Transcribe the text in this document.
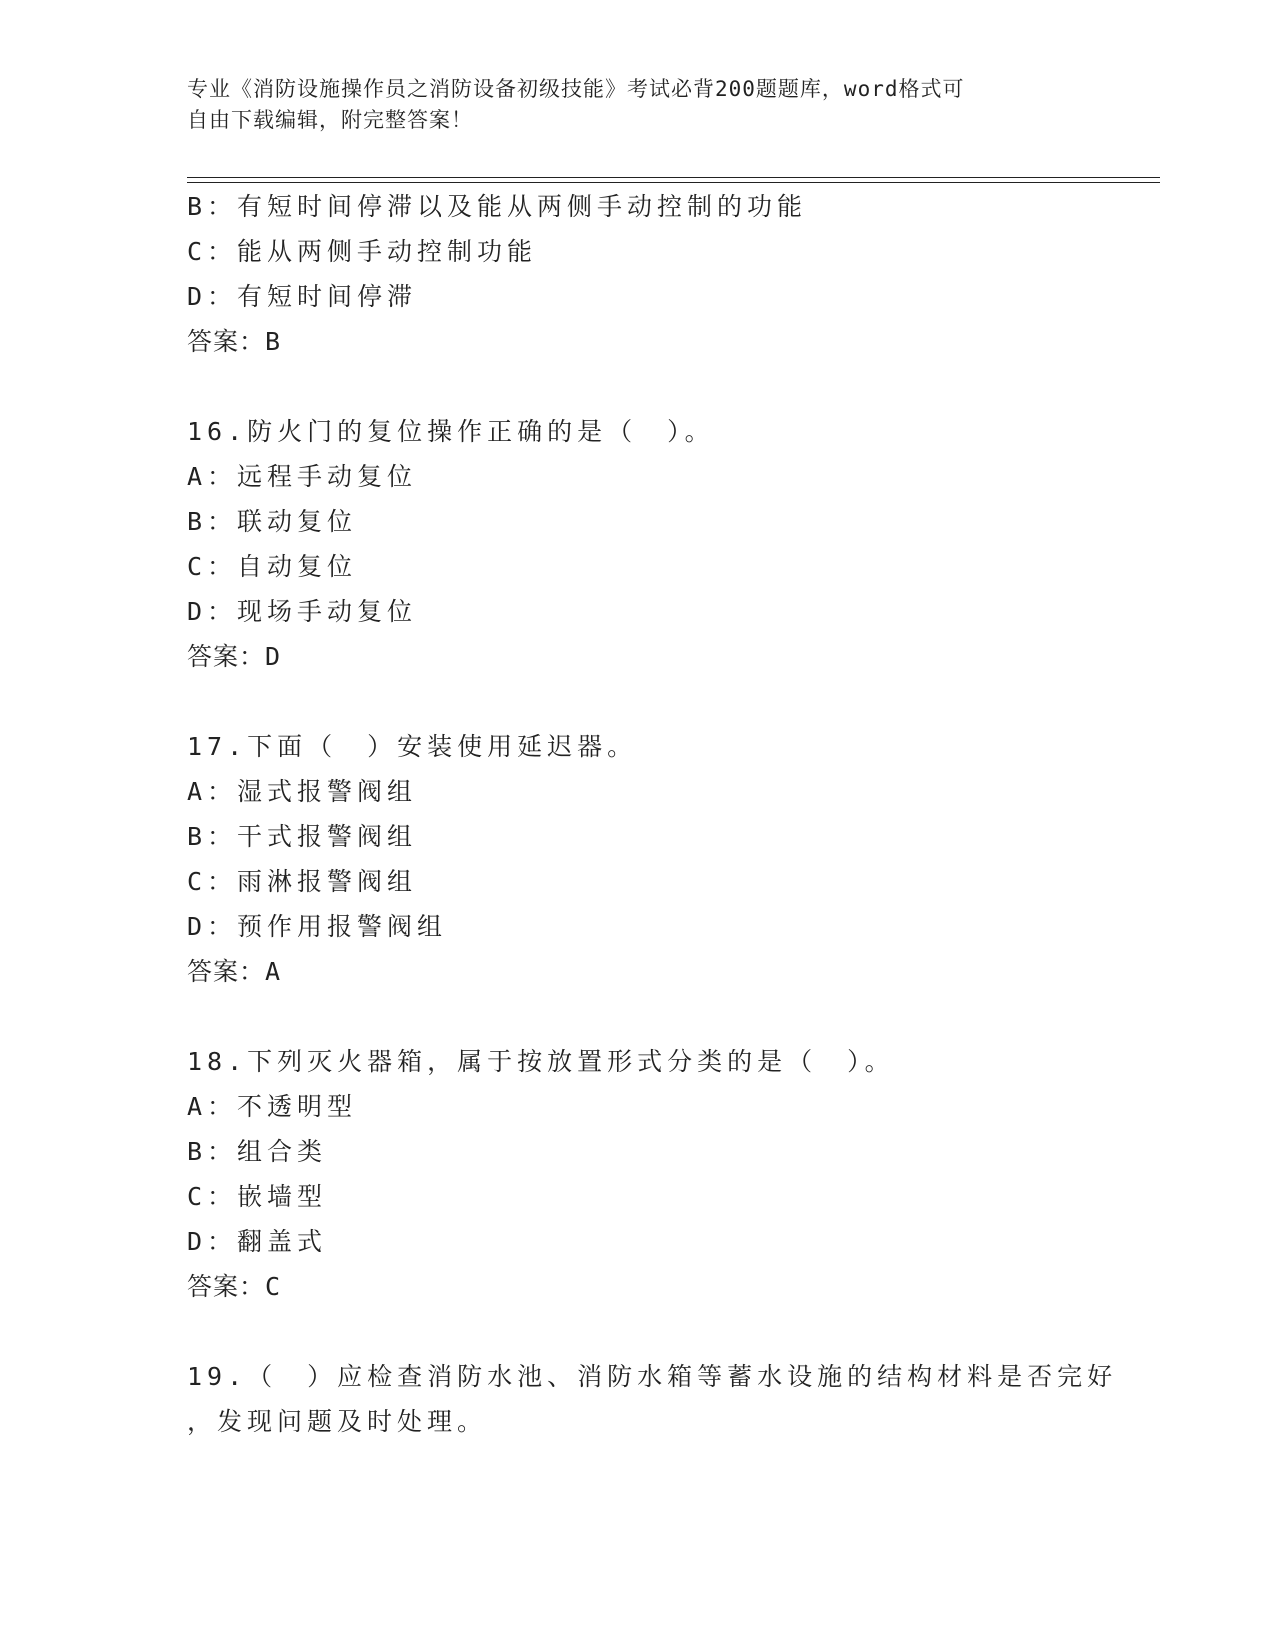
专业《消防设施操作员之消防设备初级技能》考试必背200题题库，word格式可
自由下载编辑，附完整答案！
B：有短时间停滞以及能从两侧手动控制的功能
C：能从两侧手动控制功能
D：有短时间停滞
答案：B
16.防火门的复位操作正确的是（　）。
A：远程手动复位
B：联动复位
C：自动复位
D：现场手动复位
答案：D
17.下面（　）安装使用延迟器。
A：湿式报警阀组
B：干式报警阀组
C：雨淋报警阀组
D：预作用报警阀组
答案：A
18.下列灭火器箱，属于按放置形式分类的是（　）。
A：不透明型
B：组合类
C：嵌墙型
D：翻盖式
答案：C
19.（　）应检查消防水池、消防水箱等蓄水设施的结构材料是否完好
，发现问题及时处理。
